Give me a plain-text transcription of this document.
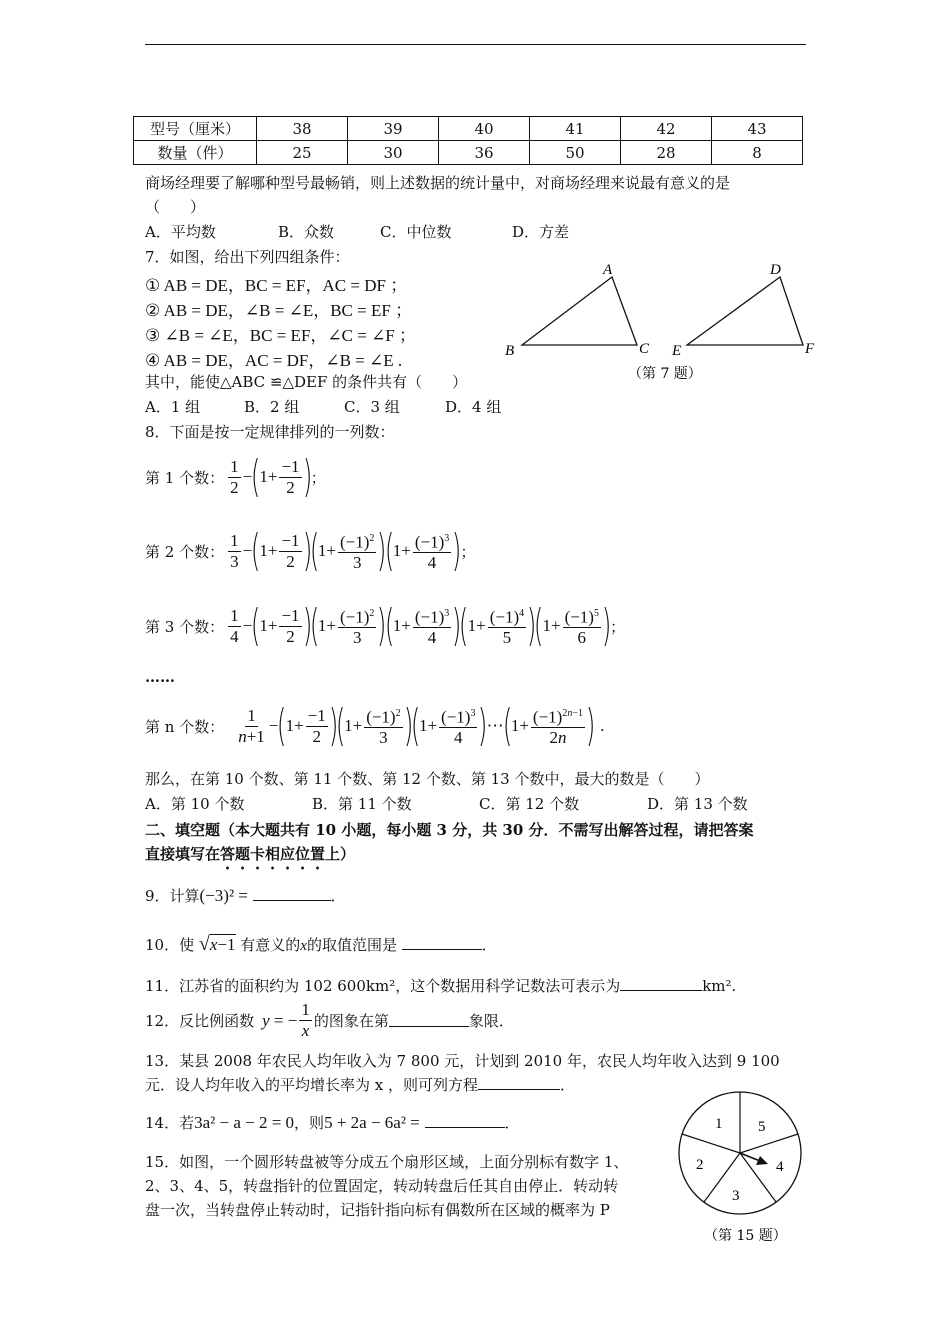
型号（厘米）	38	39	40	41	42	43
数量（件）	25	30	36	50	28	8
商场经理要了解哪种型号最畅销，则上述数据的统计量中，对商场经理来说最有意义的是
（　　）
A．平均数	B．众数	C．中位数	D．方差
7．如图，给出下列四组条件：
① AB = DE，BC = EF，AC = DF ；
② AB = DE，∠B = ∠E，BC = EF ；
③ ∠B = ∠E，BC = EF，∠C = ∠F ；
④ AB = DE，AC = DF，∠B = ∠E .
其中，能使△ABC ≌△DEF 的条件共有（　　）
A．1 组	B．2 组	C．3 组	D．4 组
A
B	C
D
E	F
（第 7 题）
8．下面是按一定规律排列的一列数：
第 1 个数： $\frac{1}{2}$ −
(
$1+ \frac{-1}{2}$ )
；
第 2 个数： $\frac{1}{3}$ −
(
$1+ \frac{-1}{2}$ )
(
$1+ \frac{(-1)^2}{3}$ )
(
$1+ \frac{(-1)^3}{4}$ )
；
第 3 个数： $\frac{1}{4}$ −
(
$1+ \frac{-1}{2}$ )
(
$1+ \frac{(-1)^2}{3}$ )
(
$1+ \frac{(-1)^3}{4}$ )
(
$1+ \frac{(-1)^4}{5}$ )
(
$1+ \frac{(-1)^5}{6}$ )
；
……
第 n 个数： $\frac{1}{n+1}$ −
(
$1+ \frac{-1}{2}$ )
(
$1+ \frac{(-1)^2}{3}$ )
(
$1+ \frac{(-1)^3}{4}$ )
⋯
(
$1+ \frac{(-1)^{2n-1}}{2n}$ ) .
那么，在第 10 个数、第 11 个数、第 12 个数、第 13 个数中，最大的数是（　　）
A．第 10 个数	B．第 11 个数	C．第 12 个数	D．第 13 个数
二、填空题（本大题共有 10 小题，每小题 3 分，共 30 分．不需写出解答过程，请把答案
直接填写在答题卡相应位置上）
9．计算(−3)² =	．
10．使 √ x −1 有意义的x的取值范围是	．
11．江苏省的面积约为 102 600km²，这个数据用科学记数法可表示为	km².
12．反比例函数 y = − $\frac{1}{x}$ 的图象在第	象限．
13．某县 2008 年农民人均年收入为 7 800 元，计划到 2010 年，农民人均年收入达到 9 100
元．设人均年收入的平均增长率为 x ，则可列方程	．
14．若3a² − a − 2 = 0，则5 + 2a − 6a² =	．
15．如图，一个圆形转盘被等分成五个扇形区域，上面分别标有数字 1、
2、3、4、5，转盘指针的位置固定，转动转盘后任其自由停止．转动转
盘一次，当转盘停止转动时，记指针指向标有偶数所在区域的概率为 P
1 5
4
3
2
（第 15 题）
